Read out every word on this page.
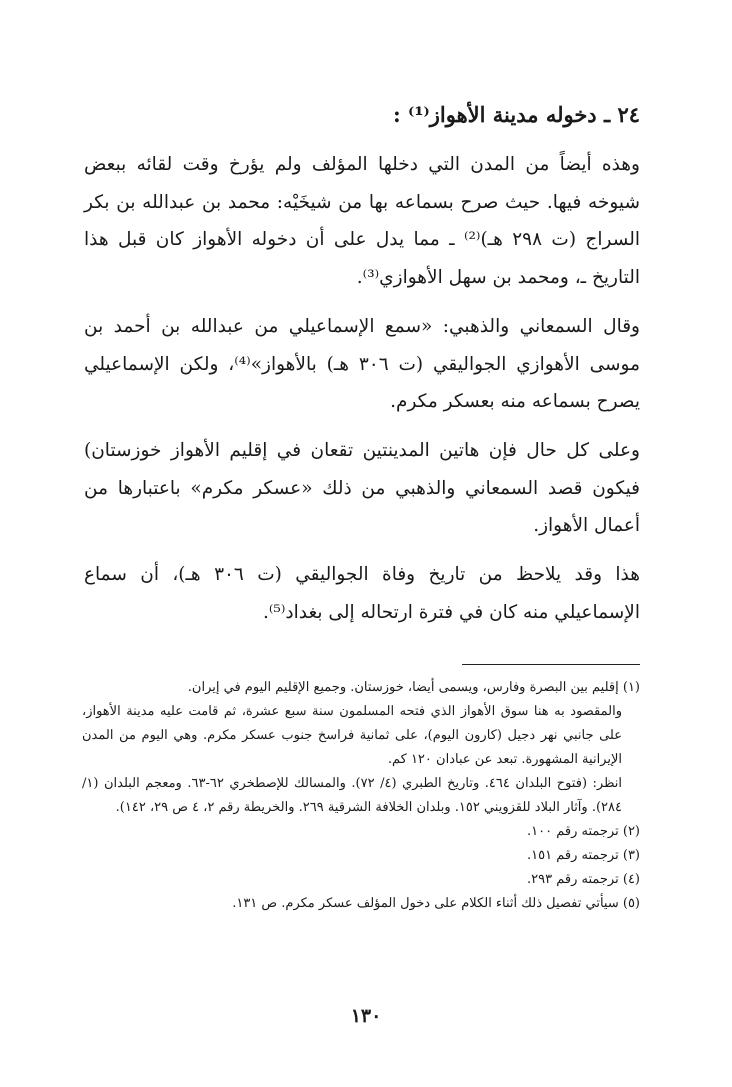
٢٤ ـ دخوله مدينة الأهواز⁽¹⁾ :

وهذه أيضاً من المدن التي دخلها المؤلف ولم يؤرخ وقت لقائه ببعض شيوخه فيها. حيث صرح بسماعه بها من شيخَيْه: محمد بن عبدالله بن بكر السراج (ت ٢٩٨ هـ)⁽²⁾ ـ مما يدل على أن دخوله الأهواز كان قبل هذا التاريخ ـ، ومحمد بن سهل الأهوازي⁽³⁾.

وقال السمعاني والذهبي: «سمع الإسماعيلي من عبدالله بن أحمد بن موسى الأهوازي الجواليقي (ت ٣٠٦ هـ) بالأهواز»⁽⁴⁾، ولكن الإسماعيلي يصرح بسماعه منه بعسكر مكرم.

وعلى كل حال فإن هاتين المدينتين تقعان في إقليم الأهواز خوزستان) فيكون قصد السمعاني والذهبي من ذلك «عسكر مكرم» باعتبارها من أعمال الأهواز.

هذا وقد يلاحظ من تاريخ وفاة الجواليقي (ت ٣٠٦ هـ)، أن سماع الإسماعيلي منه كان في فترة ارتحاله إلى بغداد⁽⁵⁾.

(١) إقليم بين البصرة وفارس، ويسمى أيضا، خوزستان. وجميع الإقليم اليوم في إيران.

والمقصود به هنا سوق الأهواز الذي فتحه المسلمون سنة سبع عشرة، ثم قامت عليه مدينة الأهواز، على جانبي نهر دجيل (كارون اليوم)، على ثمانية فراسخ جنوب عسكر مكرم. وهي اليوم من المدن الإيرانية المشهورة. تبعد عن عبادان ١٢٠ كم.

انظر: (فتوح البلدان ٤٦٤. وتاريخ الطبري (٤/ ٧٢). والمسالك للإصطخري ٦٢-٦٣. ومعجم البلدان (١/ ٢٨٤). وآثار البلاد للقزويني ١٥٢. وبلدان الخلافة الشرقية ٢٦٩. والخريطة رقم ٢، ٤ ص ٢٩، ١٤٢).

(٢) ترجمته رقم ١٠٠.

(٣) ترجمته رقم ١٥١.

(٤) ترجمته رقم ٢٩٣.

(٥) سيأتي تفصيل ذلك أثناء الكلام على دخول المؤلف عسكر مكرم. ص ١٣١.

١٣٠
